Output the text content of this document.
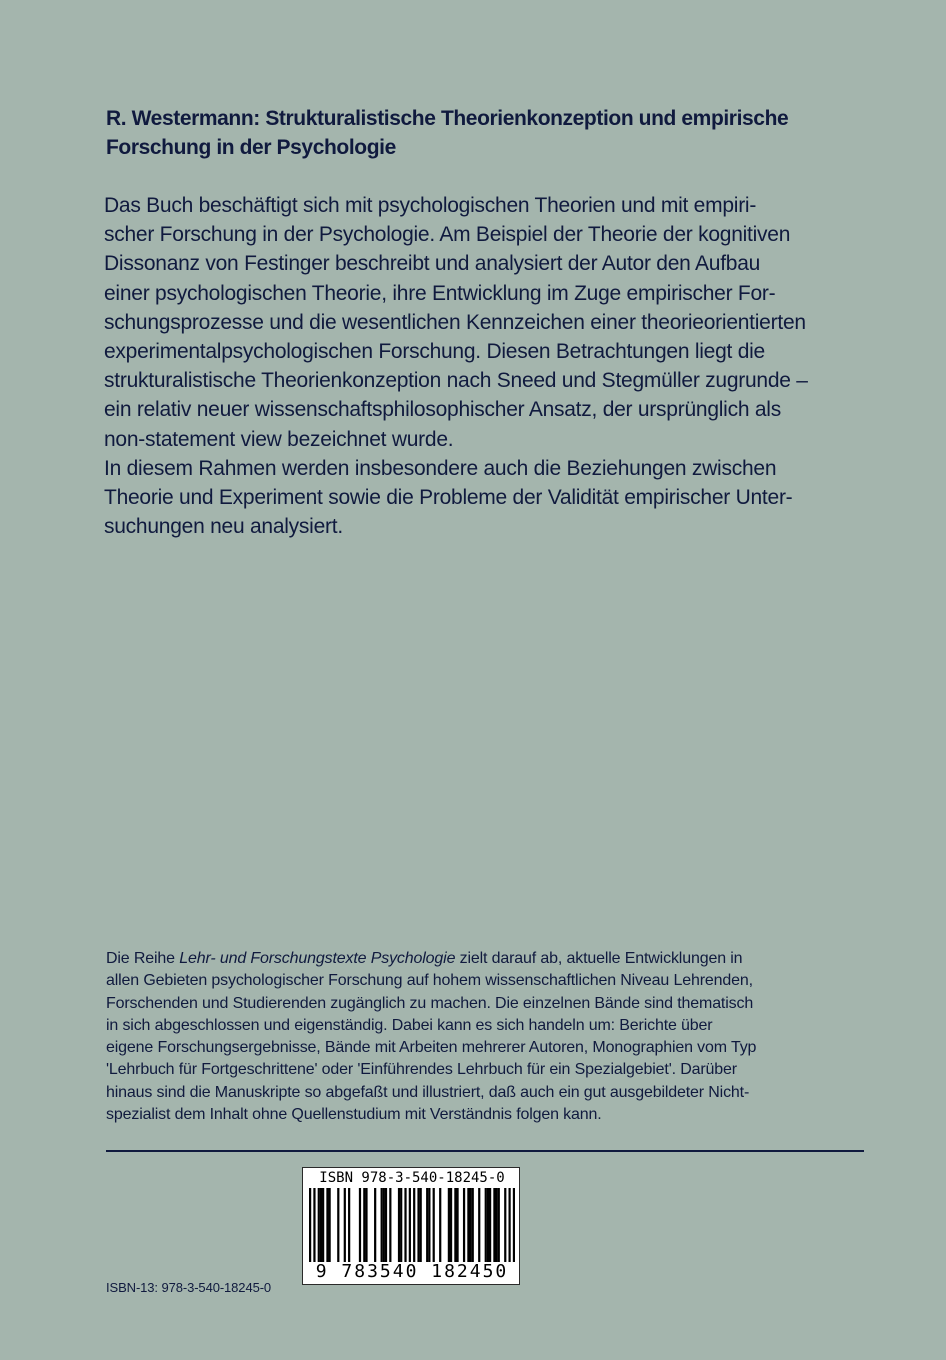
R. Westermann: Strukturalistische Theorienkonzeption und empirische
Forschung in der Psychologie
Das Buch beschäftigt sich mit psychologischen Theorien und mit empiri-
scher Forschung in der Psychologie. Am Beispiel der Theorie der kognitiven
Dissonanz von Festinger beschreibt und analysiert der Autor den Aufbau
einer psychologischen Theorie, ihre Entwicklung im Zuge empirischer For-
schungsprozesse und die wesentlichen Kennzeichen einer theorieorientierten
experimentalpsychologischen Forschung. Diesen Betrachtungen liegt die
strukturalistische Theorienkonzeption nach Sneed und Stegmüller zugrunde –
ein relativ neuer wissenschaftsphilosophischer Ansatz, der ursprünglich als
non-statement view bezeichnet wurde.
In diesem Rahmen werden insbesondere auch die Beziehungen zwischen
Theorie und Experiment sowie die Probleme der Validität empirischer Unter-
suchungen neu analysiert.
Die Reihe Lehr- und Forschungstexte Psychologie zielt darauf ab, aktuelle Entwicklungen in
allen Gebieten psychologischer Forschung auf hohem wissenschaftlichen Niveau Lehrenden,
Forschenden und Studierenden zugänglich zu machen. Die einzelnen Bände sind thematisch
in sich abgeschlossen und eigenständig. Dabei kann es sich handeln um: Berichte über
eigene Forschungsergebnisse, Bände mit Arbeiten mehrerer Autoren, Monographien vom Typ
'Lehrbuch für Fortgeschrittene' oder 'Einführendes Lehrbuch für ein Spezialgebiet'. Darüber
hinaus sind die Manuskripte so abgefaßt und illustriert, daß auch ein gut ausgebildeter Nicht-
spezialist dem Inhalt ohne Quellenstudium mit Verständnis folgen kann.
ISBN 978-3-540-18245-0
9 783540 182450
ISBN-13: 978-3-540-18245-0
